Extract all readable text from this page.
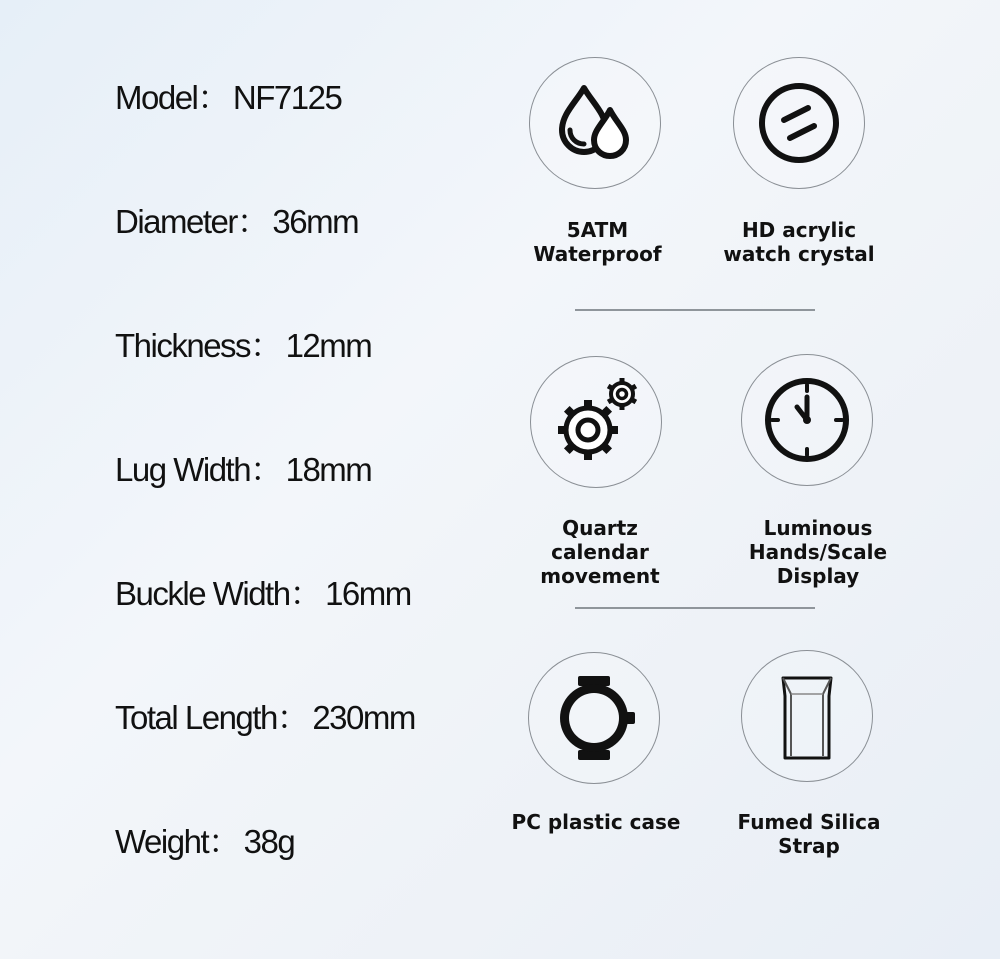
Model： NF7125
Diameter： 36mm
Thickness： 12mm
Lug Width： 18mm
Buckle Width： 16mm
Total Length： 230mm
Weight： 38g
5ATM
Waterproof
HD acrylic
watch crystal
Quartz calendar
movement
Luminous
Hands/Scale Display
PC plastic case	Fumed Silica Strap
